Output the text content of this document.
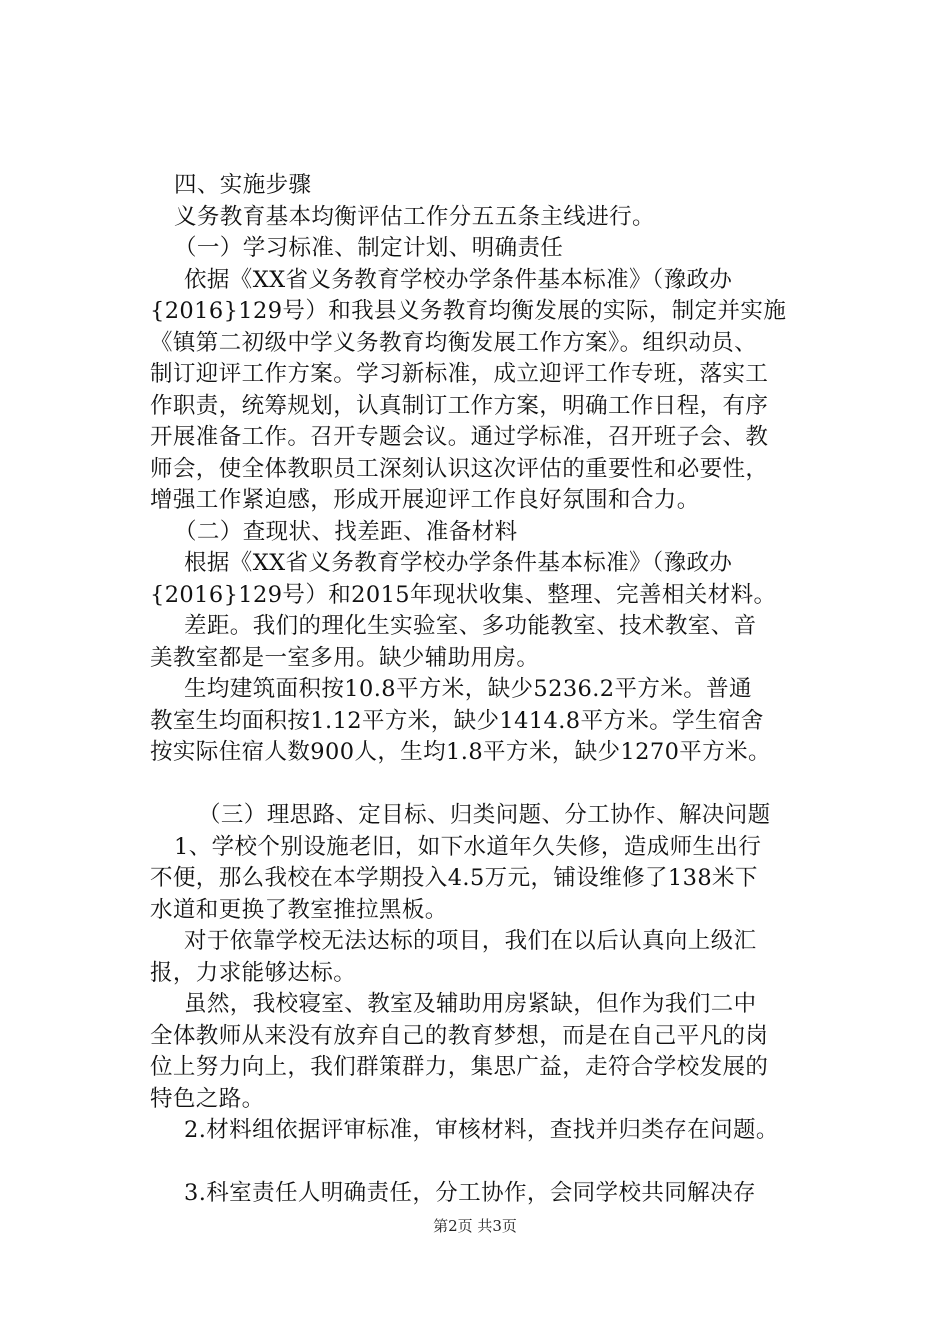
四、实施步骤

义务教育基本均衡评估工作分五五条主线进行。

（一）学习标准、制定计划、明确责任

依据《XX省义务教育学校办学条件基本标准》（豫政办

{2016}129号）和我县义务教育均衡发展的实际，制定并实施

《镇第二初级中学义务教育均衡发展工作方案》。组织动员、

制订迎评工作方案。学习新标准，成立迎评工作专班，落实工

作职责，统筹规划，认真制订工作方案，明确工作日程，有序

开展准备工作。召开专题会议。通过学标准，召开班子会、教

师会，使全体教职员工深刻认识这次评估的重要性和必要性，

增强工作紧迫感，形成开展迎评工作良好氛围和合力。

（二）查现状、找差距、准备材料

根据《XX省义务教育学校办学条件基本标准》（豫政办

{2016}129号）和2015年现状收集、整理、完善相关材料。

差距。我们的理化生实验室、多功能教室、技术教室、音

美教室都是一室多用。缺少辅助用房。

生均建筑面积按10.8平方米，缺少5236.2平方米。普通

教室生均面积按1.12平方米，缺少1414.8平方米。学生宿舍

按实际住宿人数900人，生均1.8平方米，缺少1270平方米。

（三）理思路、定目标、归类问题、分工协作、解决问题

1、学校个别设施老旧，如下水道年久失修，造成师生出行

不便，那么我校在本学期投入4.5万元，铺设维修了138米下

水道和更换了教室推拉黑板。

对于依靠学校无法达标的项目，我们在以后认真向上级汇

报，力求能够达标。

虽然，我校寝室、教室及辅助用房紧缺，但作为我们二中

全体教师从来没有放弃自己的教育梦想，而是在自己平凡的岗

位上努力向上，我们群策群力，集思广益，走符合学校发展的

特色之路。

2.材料组依据评审标准，审核材料，查找并归类存在问题。

3.科室责任人明确责任，分工协作，会同学校共同解决存

第2页 共3页
